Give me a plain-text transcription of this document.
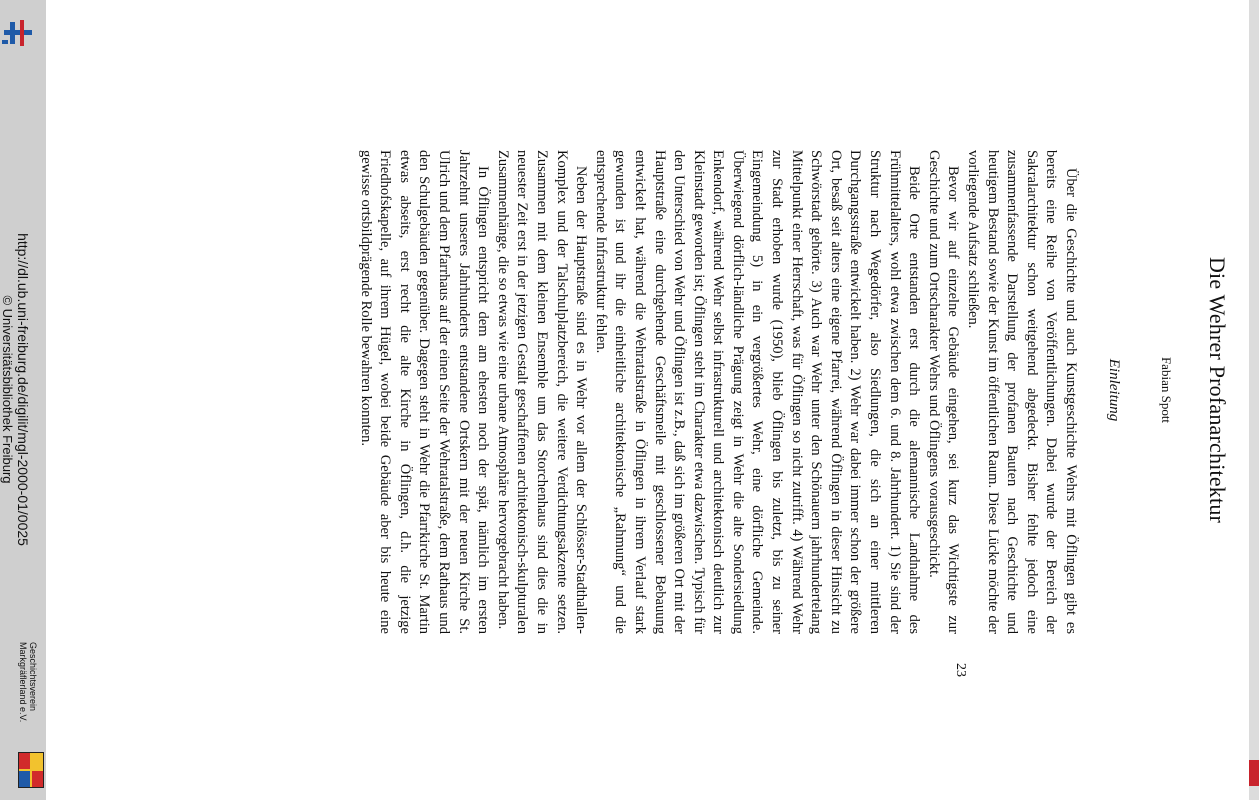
http://dl.ub.uni-freiburg.de/digilit/mgl-2000-01/0025
© Universitätsbibliothek Freiburg
Geschichtsverein
Markgräflerland e.V.
Die Wehrer Profanarchitektur
Fabian Spott
Einleitung

Über die Geschichte und auch Kunstgeschichte Wehrs mit Öflingen gibt es bereits eine Reihe von Veröffentlichungen. Dabei wurde der Bereich der Sakralarchitektur schon weitgehend abgedeckt. Bisher fehlte jedoch eine zusammenfassende Darstellung der profanen Bauten nach Geschichte und heutigem Bestand sowie der Kunst im öffentlichen Raum. Diese Lücke möchte der vorliegende Aufsatz schließen.

Bevor wir auf einzelne Gebäude eingehen, sei kurz das Wichtigste zur Geschichte und zum Ortscharakter Wehrs und Öflingens vorausgeschickt.

Beide Orte entstanden erst durch die alemannische Landnahme des Frühmittelalters, wohl etwa zwischen dem 6. und 8. Jahrhundert. 1) Sie sind der Struktur nach Wegedörfer, also Siedlungen, die sich an einer mittleren Durchgangsstraße entwickelt haben. 2) Wehr war dabei immer schon der größere Ort, besaß seit alters eine eigene Pfarrei, während Öflingen in dieser Hinsicht zu Schwörstadt gehörte. 3) Auch war Wehr unter den Schönauern jahrhundertelang Mittelpunkt einer Herrschaft, was für Öflingen so nicht zutrifft. 4) Während Wehr zur Stadt erhoben wurde (1950), blieb Öflingen bis zuletzt, bis zu seiner Eingemeindung 5) in ein vergrößertes Wehr, eine dörfliche Gemeinde. Überwiegend dörflich-ländliche Prägung zeigt in Wehr die alte Sondersiedlung Enkendorf, während Wehr selbst infrastrukturell und architektonisch deutlich zur Kleinstadt geworden ist; Öflingen steht im Charakter etwa dazwischen. Typisch für den Unterschied von Wehr und Öflingen ist z.B., daß sich im größeren Ort mit der Hauptstraße eine durchgehende Geschäftsmeile mit geschlossener Bebauung entwickelt hat, während die Wehratalstraße in Öflingen in ihrem Verlauf stark gewunden ist und ihr die einheitliche architektonische „Rahmung“ und die entsprechende Infrastruktur fehlen.

Neben der Hauptstraße sind es in Wehr vor allem der Schlösser-Stadthallen-Komplex und der Talschulplatzbereich, die weitere Verdichtungsakzente setzen. Zusammen mit dem kleinen Ensemble um das Storchenhaus sind dies die in neuester Zeit erst in der jetzigen Gestalt geschaffenen architektonisch-skulpturalen Zusammenhänge, die so etwas wie eine urbane Atmosphäre hervorgebracht haben.

In Öflingen entspricht dem am ehesten noch der spät, nämlich im ersten Jahrzehnt unseres Jahrhunderts entstandene Ortskern mit der neuen Kirche St. Ulrich und dem Pfarrhaus auf der einen Seite der Wehratalstraße, dem Rathaus und den Schulgebäuden gegenüber. Dagegen steht in Wehr die Pfarrkirche St. Martin etwas abseits, erst recht die alte Kirche in Öflingen, d.h. die jetzige Friedhofskapelle, auf ihrem Hügel, wobei beide Gebäude aber bis heute eine gewisse ortsbildprägende Rolle bewahren konnten.

23
